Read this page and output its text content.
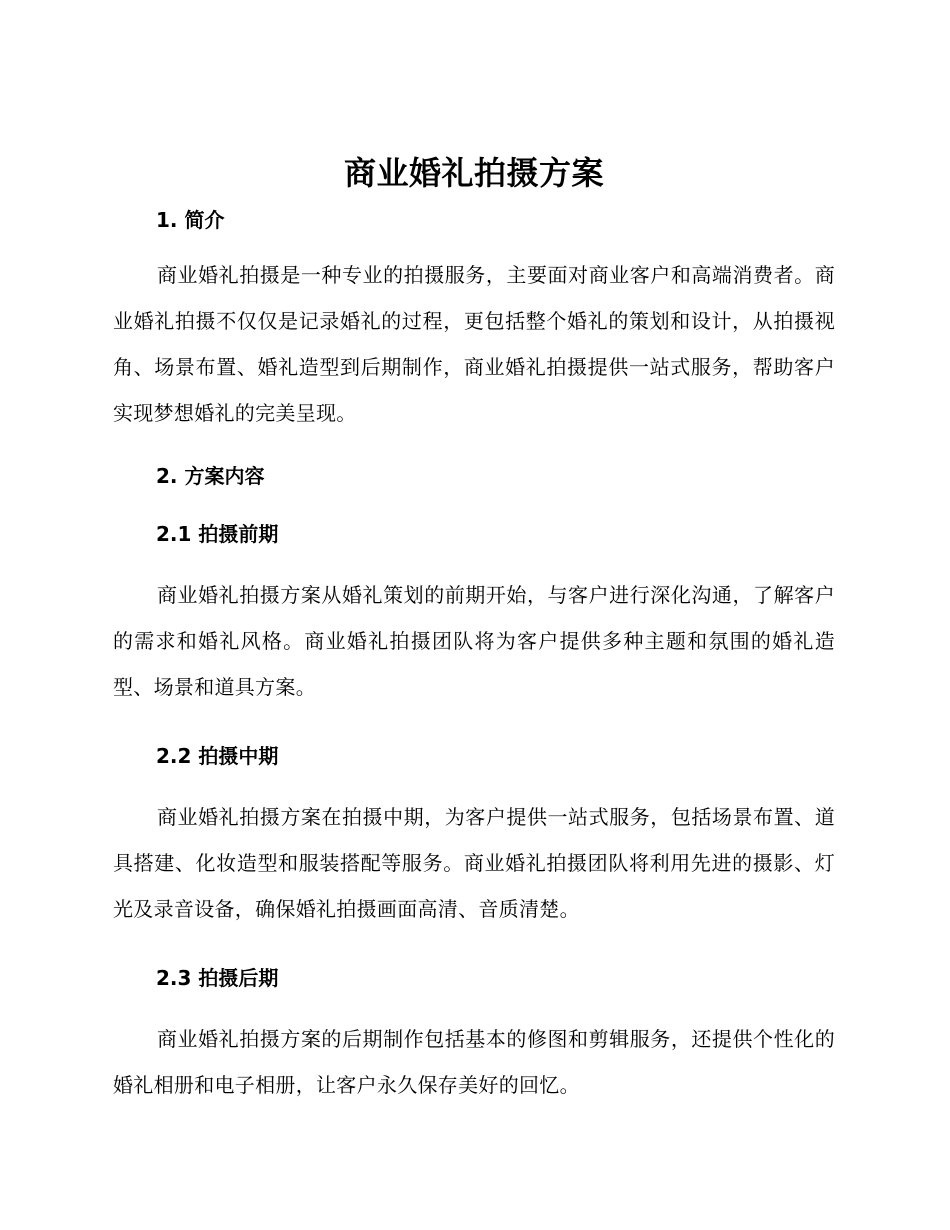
商业婚礼拍摄方案
1. 简介

商业婚礼拍摄是一种专业的拍摄服务，主要面对商业客户和高端消费者。商业婚礼拍摄不仅仅是记录婚礼的过程，更包括整个婚礼的策划和设计，从拍摄视角、场景布置、婚礼造型到后期制作，商业婚礼拍摄提供一站式服务，帮助客户实现梦想婚礼的完美呈现。

2. 方案内容
2.1 拍摄前期

商业婚礼拍摄方案从婚礼策划的前期开始，与客户进行深化沟通，了解客户的需求和婚礼风格。商业婚礼拍摄团队将为客户提供多种主题和氛围的婚礼造型、场景和道具方案。

2.2 拍摄中期

商业婚礼拍摄方案在拍摄中期，为客户提供一站式服务，包括场景布置、道具搭建、化妆造型和服装搭配等服务。商业婚礼拍摄团队将利用先进的摄影、灯光及录音设备，确保婚礼拍摄画面高清、音质清楚。

2.3 拍摄后期

商业婚礼拍摄方案的后期制作包括基本的修图和剪辑服务，还提供个性化的婚礼相册和电子相册，让客户永久保存美好的回忆。
